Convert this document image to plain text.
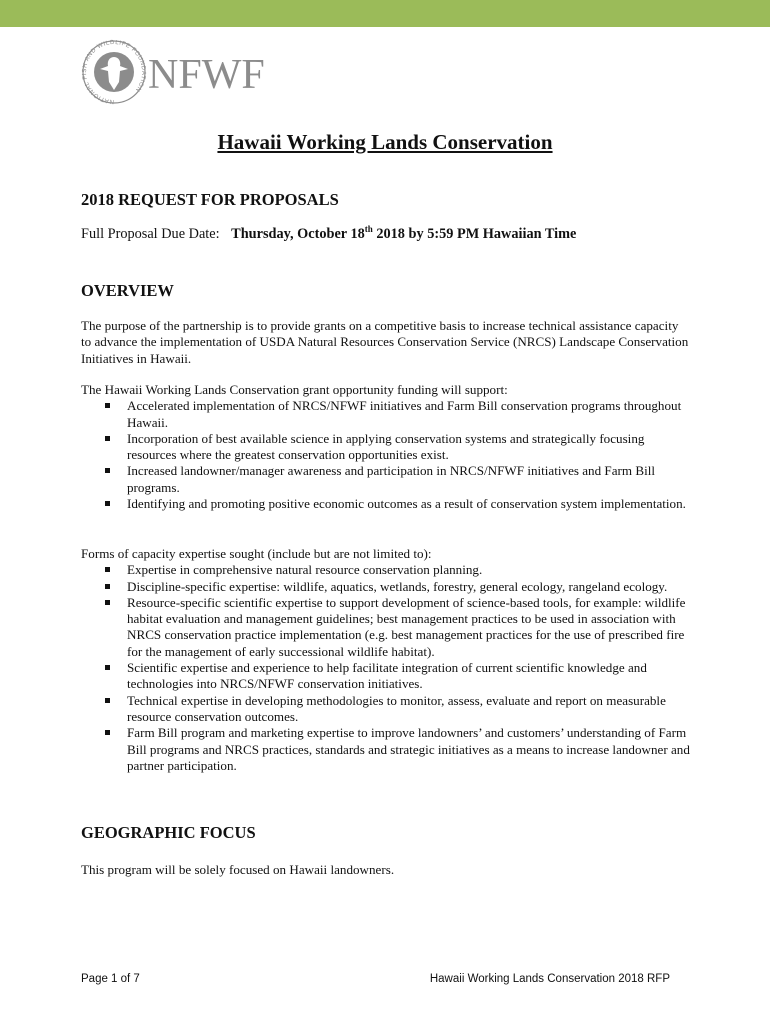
NATIONAL FISH AND WILDLIFE FOUNDATION NFWF
Hawaii Working Lands Conservation
2018 REQUEST FOR PROPOSALS
Full Proposal Due Date: Thursday, October 18th 2018 by 5:59 PM Hawaiian Time
OVERVIEW
The purpose of the partnership is to provide grants on a competitive basis to increase technical assistance capacity to advance the implementation of USDA Natural Resources Conservation Service (NRCS) Landscape Conservation Initiatives in Hawaii.
The Hawaii Working Lands Conservation grant opportunity funding will support:
Accelerated implementation of NRCS/NFWF initiatives and Farm Bill conservation programs throughout Hawaii.
Incorporation of best available science in applying conservation systems and strategically focusing resources where the greatest conservation opportunities exist.
Increased landowner/manager awareness and participation in NRCS/NFWF initiatives and Farm Bill programs.
Identifying and promoting positive economic outcomes as a result of conservation system implementation.
Forms of capacity expertise sought (include but are not limited to):
Expertise in comprehensive natural resource conservation planning.
Discipline-specific expertise: wildlife, aquatics, wetlands, forestry, general ecology, rangeland ecology.
Resource-specific scientific expertise to support development of science-based tools, for example: wildlife habitat evaluation and management guidelines; best management practices to be used in association with NRCS conservation practice implementation (e.g. best management practices for the use of prescribed fire for the management of early successional wildlife habitat).
Scientific expertise and experience to help facilitate integration of current scientific knowledge and technologies into NRCS/NFWF conservation initiatives.
Technical expertise in developing methodologies to monitor, assess, evaluate and report on measurable resource conservation outcomes.
Farm Bill program and marketing expertise to improve landowners’ and customers’ understanding of Farm Bill programs and NRCS practices, standards and strategic initiatives as a means to increase landowner and partner participation.
GEOGRAPHIC FOCUS
This program will be solely focused on Hawaii landowners.
Page 1 of 7	Hawaii Working Lands Conservation 2018 RFP
